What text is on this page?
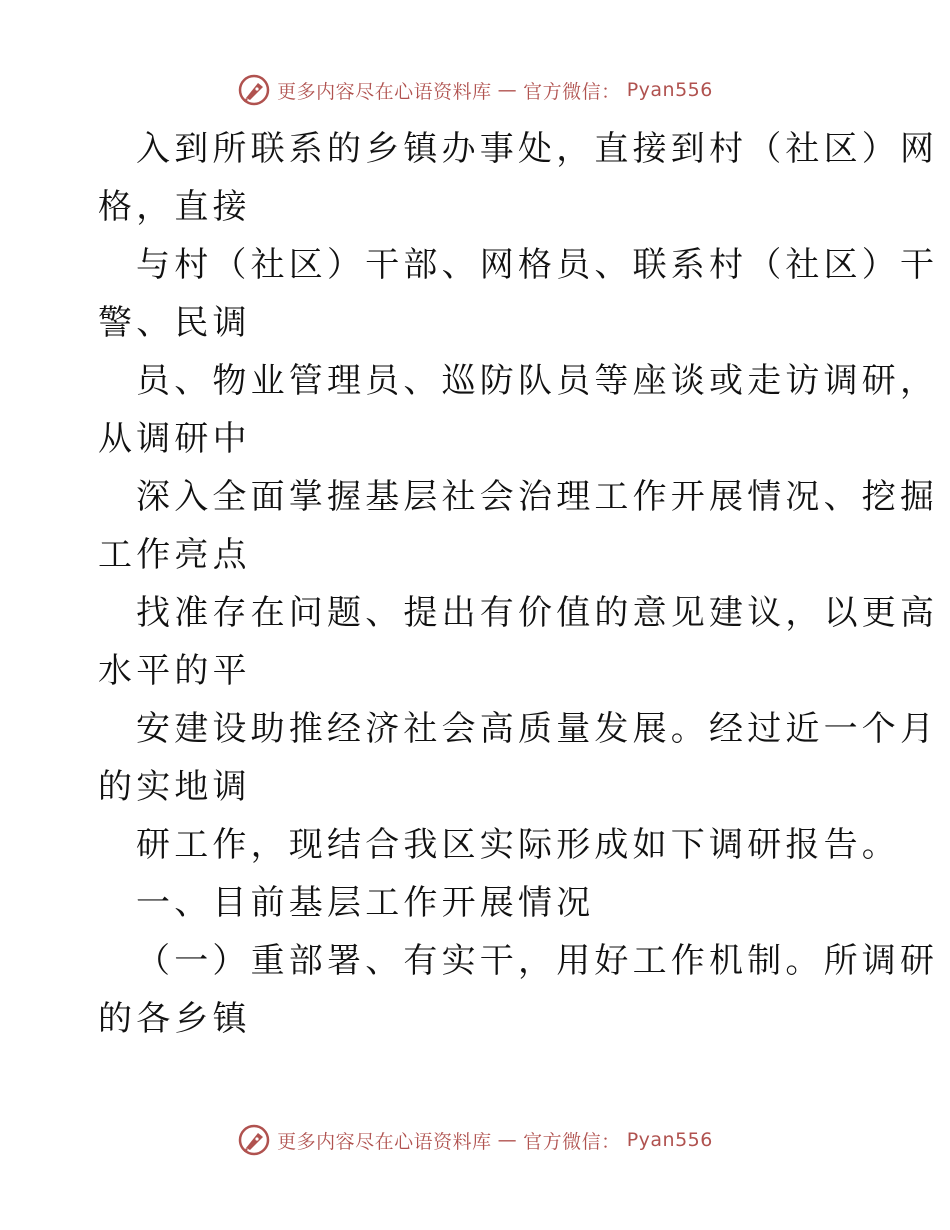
更多内容尽在心语资料库 — 官方微信： Pyan556

入到所联系的乡镇办事处，直接到村（社区）网
格，直接

与村（社区）干部、网格员、联系村（社区）干
警、民调

员、物业管理员、巡防队员等座谈或走访调研，
从调研中

深入全面掌握基层社会治理工作开展情况、挖掘
工作亮点

找准存在问题、提出有价值的意见建议，以更高
水平的平

安建设助推经济社会高质量发展。经过近一个月
的实地调

研工作，现结合我区实际形成如下调研报告。

一、目前基层工作开展情况

（一）重部署、有实干，用好工作机制。所调研
的各乡镇

更多内容尽在心语资料库 — 官方微信： Pyan556
